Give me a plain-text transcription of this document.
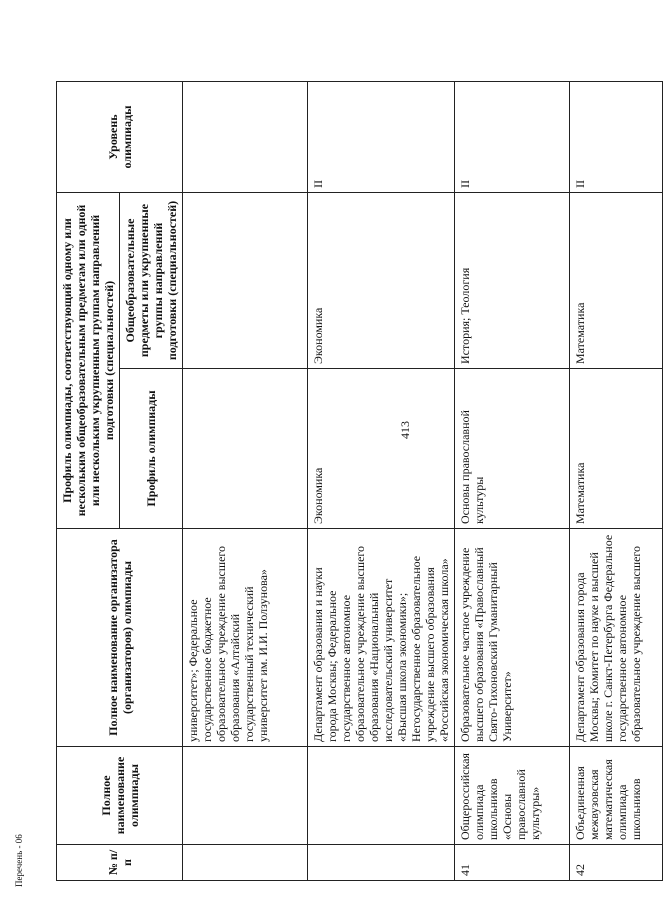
413
Перечень - 06	№ п/п	Полное наименование олимпиады	Полное наименование организатора (организаторов) олимпиады	Профиль олимпиады, соответствующий одному или нескольким общеобразовательным предметам или одной или нескольким укрупненным группам направлений подготовки (специальностей)		Уровень олимпиады
			Профиль олимпиады	Общеобразовательные предметы или укрупненные группы направлений подготовки (специальностей)	
		университет»; Федеральное государственное бюджетное образовательное учреждение высшего образования «Алтайский государственный технический университет им. И.И. Ползунова»			
		Департамент образования и науки города Москвы; Федеральное государственное автономное образовательное учреждение высшего образования «Национальный исследовательский университет «Высшая школа экономики»; Негосударственное образовательное учреждение высшего образования «Российская экономическая школа»	Экономика	Экономика	II
41	Общероссийская олимпиада школьников «Основы православной культуры»	Образовательное частное учреждение высшего образования «Православный Свято-Тихоновский Гуманитарный Университет»	Основы православной культуры	История; Теология	II
42	Объединенная межвузовская математическая олимпиада школьников	Департамент образования города Москвы; Комитет по науке и высшей школе г. Санкт-Петербурга Федеральное государственное автономное образовательное учреждение высшего	Математика	Математика	II
